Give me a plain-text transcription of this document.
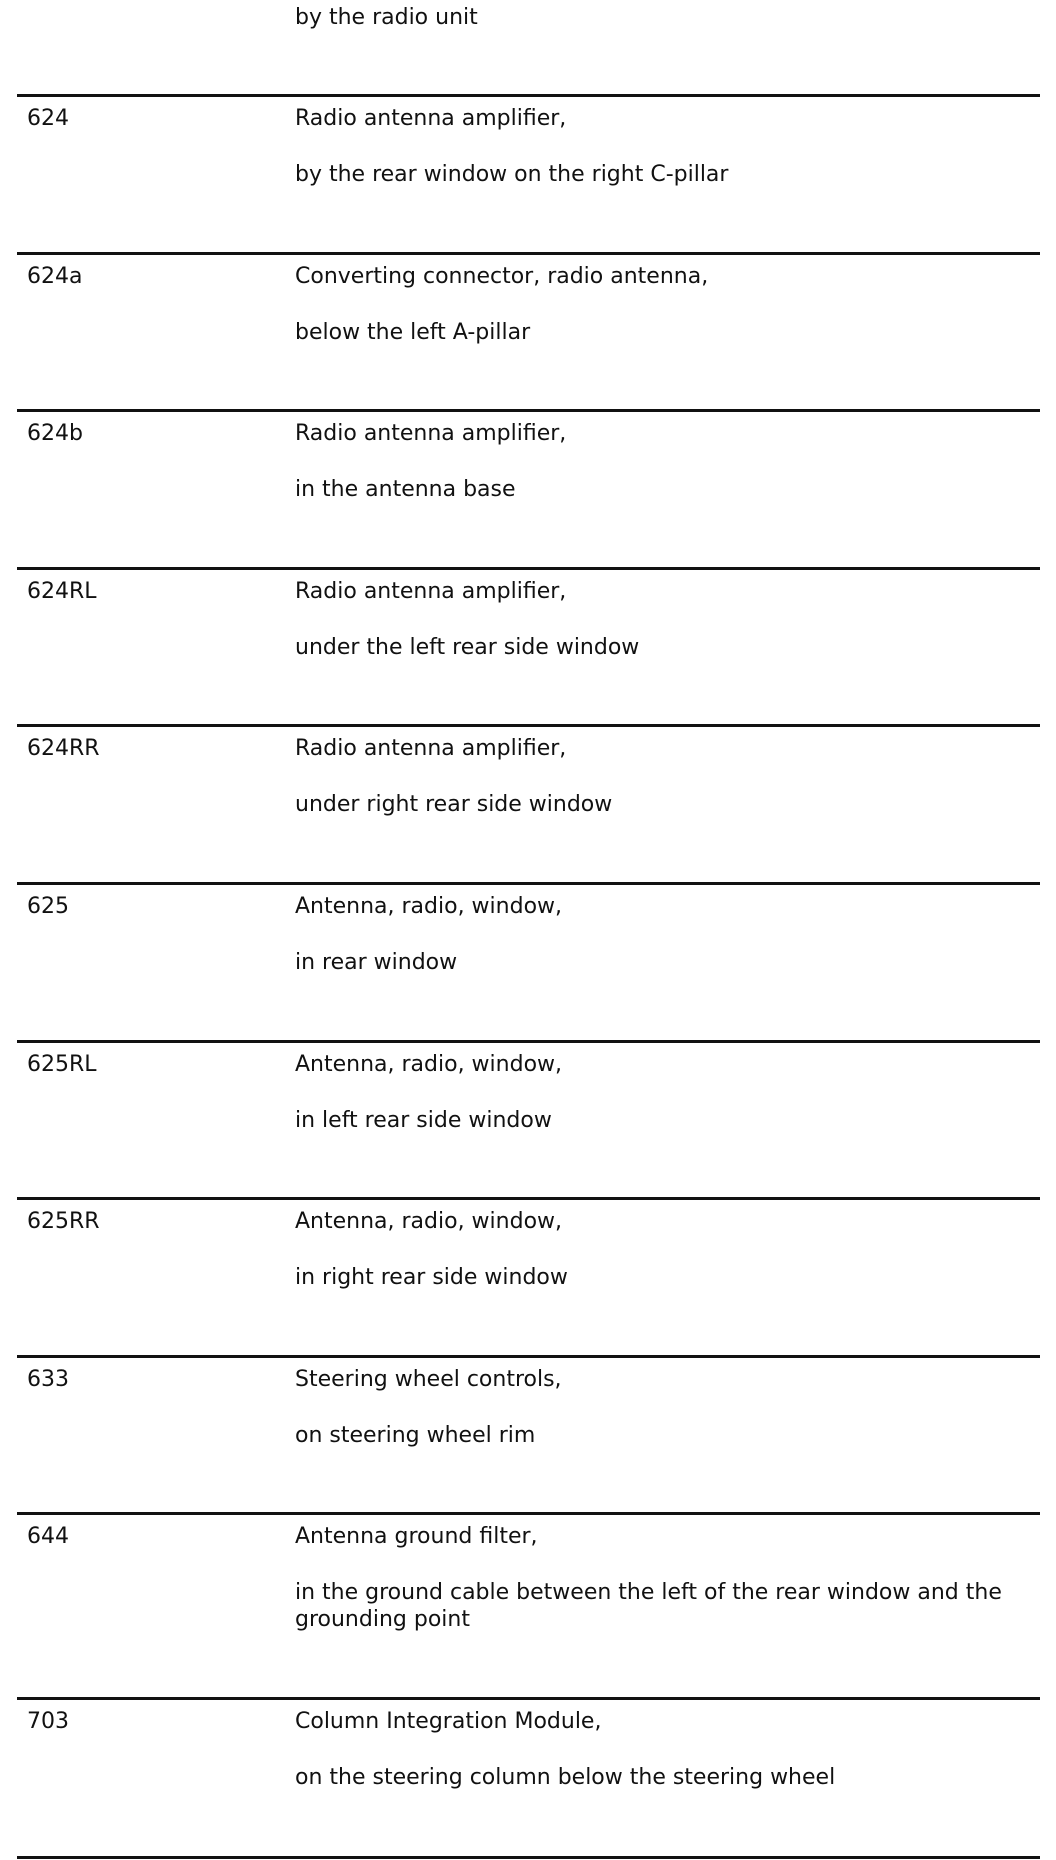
by the radio unit
624	Radio antenna amplifier,
by the rear window on the right C-pillar
624a	Converting connector, radio antenna,
below the left A-pillar
624b	Radio antenna amplifier,
in the antenna base
624RL	Radio antenna amplifier,
under the left rear side window
624RR	Radio antenna amplifier,
under right rear side window
625	Antenna, radio, window,
in rear window
625RL	Antenna, radio, window,
in left rear side window
625RR	Antenna, radio, window,
in right rear side window
633	Steering wheel controls,
on steering wheel rim
644	Antenna ground filter,
in the ground cable between the left of the rear window and the grounding point
703	Column Integration Module,
on the steering column below the steering wheel
